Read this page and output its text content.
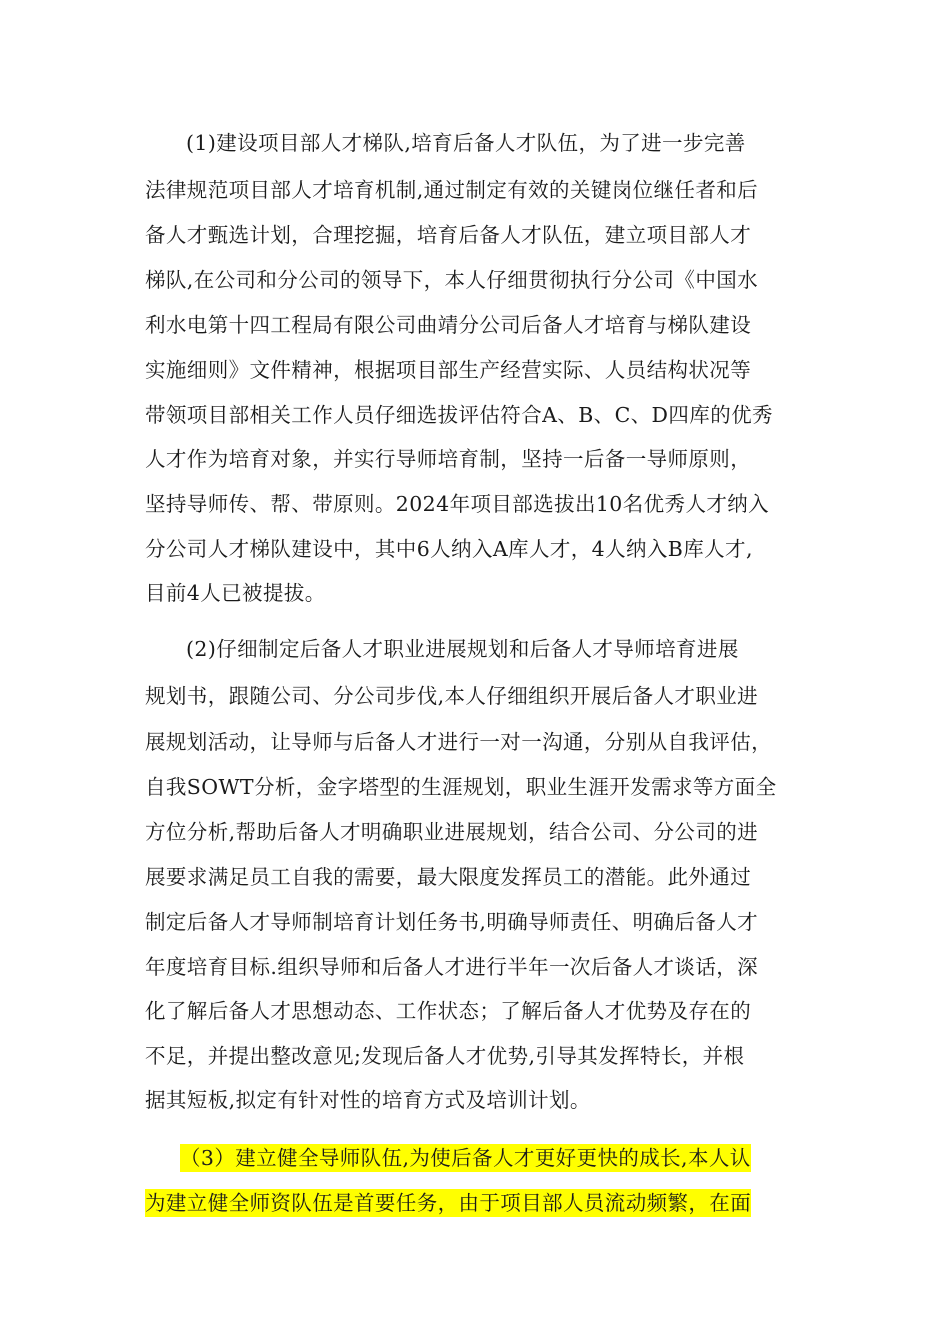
(1)建设项目部人才梯队,培育后备人才队伍，为了进一步完善
法律规范项目部人才培育机制,通过制定有效的关键岗位继任者和后
备人才甄选计划，合理挖掘，培育后备人才队伍，建立项目部人才
梯队,在公司和分公司的领导下，本人仔细贯彻执行分公司《中国水
利水电第十四工程局有限公司曲靖分公司后备人才培育与梯队建设
实施细则》文件精神，根据项目部生产经营实际、人员结构状况等
带领项目部相关工作人员仔细选拔评估符合A、B、C、D四库的优秀
人才作为培育对象，并实行导师培育制，坚持一后备一导师原则，
坚持导师传、帮、带原则。2024年项目部选拔出10名优秀人才纳入
分公司人才梯队建设中，其中6人纳入A库人才，4人纳入B库人才,
目前4人已被提拔。
(2)仔细制定后备人才职业进展规划和后备人才导师培育进展
规划书，跟随公司、分公司步伐,本人仔细组织开展后备人才职业进
展规划活动，让导师与后备人才进行一对一沟通，分别从自我评估，
自我SOWT分析，金字塔型的生涯规划，职业生涯开发需求等方面全
方位分析,帮助后备人才明确职业进展规划，结合公司、分公司的进
展要求满足员工自我的需要，最大限度发挥员工的潜能。此外通过
制定后备人才导师制培育计划任务书,明确导师责任、明确后备人才
年度培育目标.组织导师和后备人才进行半年一次后备人才谈话，深
化了解后备人才思想动态、工作状态；了解后备人才优势及存在的
不足，并提出整改意见;发现后备人才优势,引导其发挥特长，并根
据其短板,拟定有针对性的培育方式及培训计划。
（3）建立健全导师队伍,为使后备人才更好更快的成长,本人认
为建立健全师资队伍是首要任务，由于项目部人员流动频繁，在面
